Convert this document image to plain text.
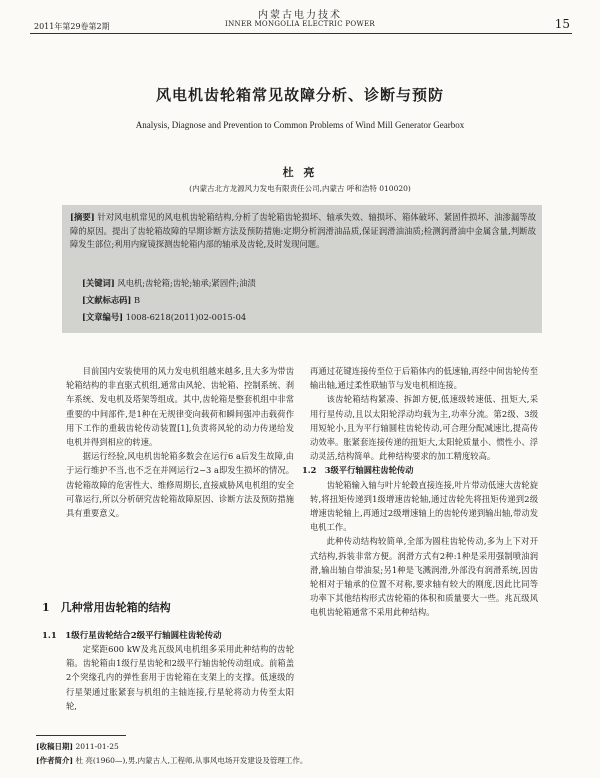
内蒙古电力技术
2011年第29卷第2期	INNER MONGOLIA ELECTRIC POWER	15
风电机齿轮箱常见故障分析、诊断与预防
Analysis, Diagnose and Prevention to Common Problems of Wind Mill Generator Gearbox
杜 亮
(内蒙古北方龙源风力发电有限责任公司,内蒙古 呼和浩特 010020)
[摘要] 针对风电机常见的风电机齿轮箱结构,分析了齿轮箱齿轮损坏、轴承失效、轴损坏、箱体破坏、紧固件损坏、油渗漏等故障的原因。提出了齿轮箱故障的早期诊断方法及预防措施:定期分析润滑油品质,保证润滑油油质;检测润滑油中金属含量,判断故障发生部位;利用内窥镜探测齿轮箱内部的轴承及齿轮,及时发现问题。
[关键词] 风电机;齿轮箱;齿轮;轴承;紧固件;油渍
[文献标志码] B
[文章编号] 1008-6218(2011)02-0015-04

目前国内安装使用的风力发电机组越来越多,且大多为带齿轮箱结构的非直驱式机组,通常由风轮、齿轮箱、控制系统、刹车系统、发电机及塔架等组成。其中,齿轮箱是整套机组中非常重要的中间部件,是1种在无规律变向载荷和瞬间强冲击载荷作用下工作的重载齿轮传动装置[1],负责将风轮的动力传递给发电机并得到相应的转速。

据运行经验,风电机齿轮箱多数会在运行6 a后发生故障,由于运行维护不当,也不乏在并网运行2~3 a即发生损坏的情况。齿轮箱故障的危害性大、维修周期长,直接威胁风电机组的安全可靠运行,所以分析研究齿轮箱故障原因、诊断方法及预防措施具有重要意义。

1　几种常用齿轮箱的结构
1.1　1级行星齿轮结合2级平行轴圆柱齿轮传动

定桨距600 kW及兆瓦级风电机组多采用此种结构的齿轮箱。齿轮箱由1级行星齿轮和2级平行轴齿轮传动组成。前箱盖2个突缘孔内的弹性套用于齿轮箱在支架上的支撑。低速级的行星架通过胀紧套与机组的主轴连接,行星轮将动力传至太阳轮,

再通过花键连接传至位于后箱体内的低速轴,再经中间齿轮传至输出轴,通过柔性联轴节与发电机相连接。

该齿轮箱结构紧凑、拆卸方便,低速级转速低、扭矩大,采用行星传动,且以太阳轮浮动均载为主,功率分流。第2级、3级用短轮小,且为平行轴圆柱齿轮传动,可合理分配减速比,提高传动效率。胀紧套连接传递的扭矩大,太阳轮质量小、惯性小、浮动灵活,结构简单。此种结构要求的加工精度较高。

1.2　3级平行轴圆柱齿轮传动

齿轮箱输入轴与叶片轮毂直接连接,叶片带动低速大齿轮旋转,将扭矩传递到1级增速齿轮轴,通过齿轮先将扭矩传递到2级增速齿轮轴上,再通过2级增速轴上的齿轮传递到输出轴,带动发电机工作。

此种传动结构较简单,全部为圆柱齿轮传动,多为上下对开式结构,拆装非常方便。润滑方式有2种:1种是采用强制喷油润滑,输出轴自带油泵;另1种是飞溅润滑,外部没有润滑系统,因齿轮相对于轴承的位置不对称,要求轴有较大的刚度,因此比同等功率下其他结构形式齿轮箱的体积和质量要大一些。兆瓦级风电机齿轮箱通常不采用此种结构。

[收稿日期] 2011-01-25
[作者简介] 杜 亮(1960—),男,内蒙古人,工程师,从事风电场开发建设及管理工作。
